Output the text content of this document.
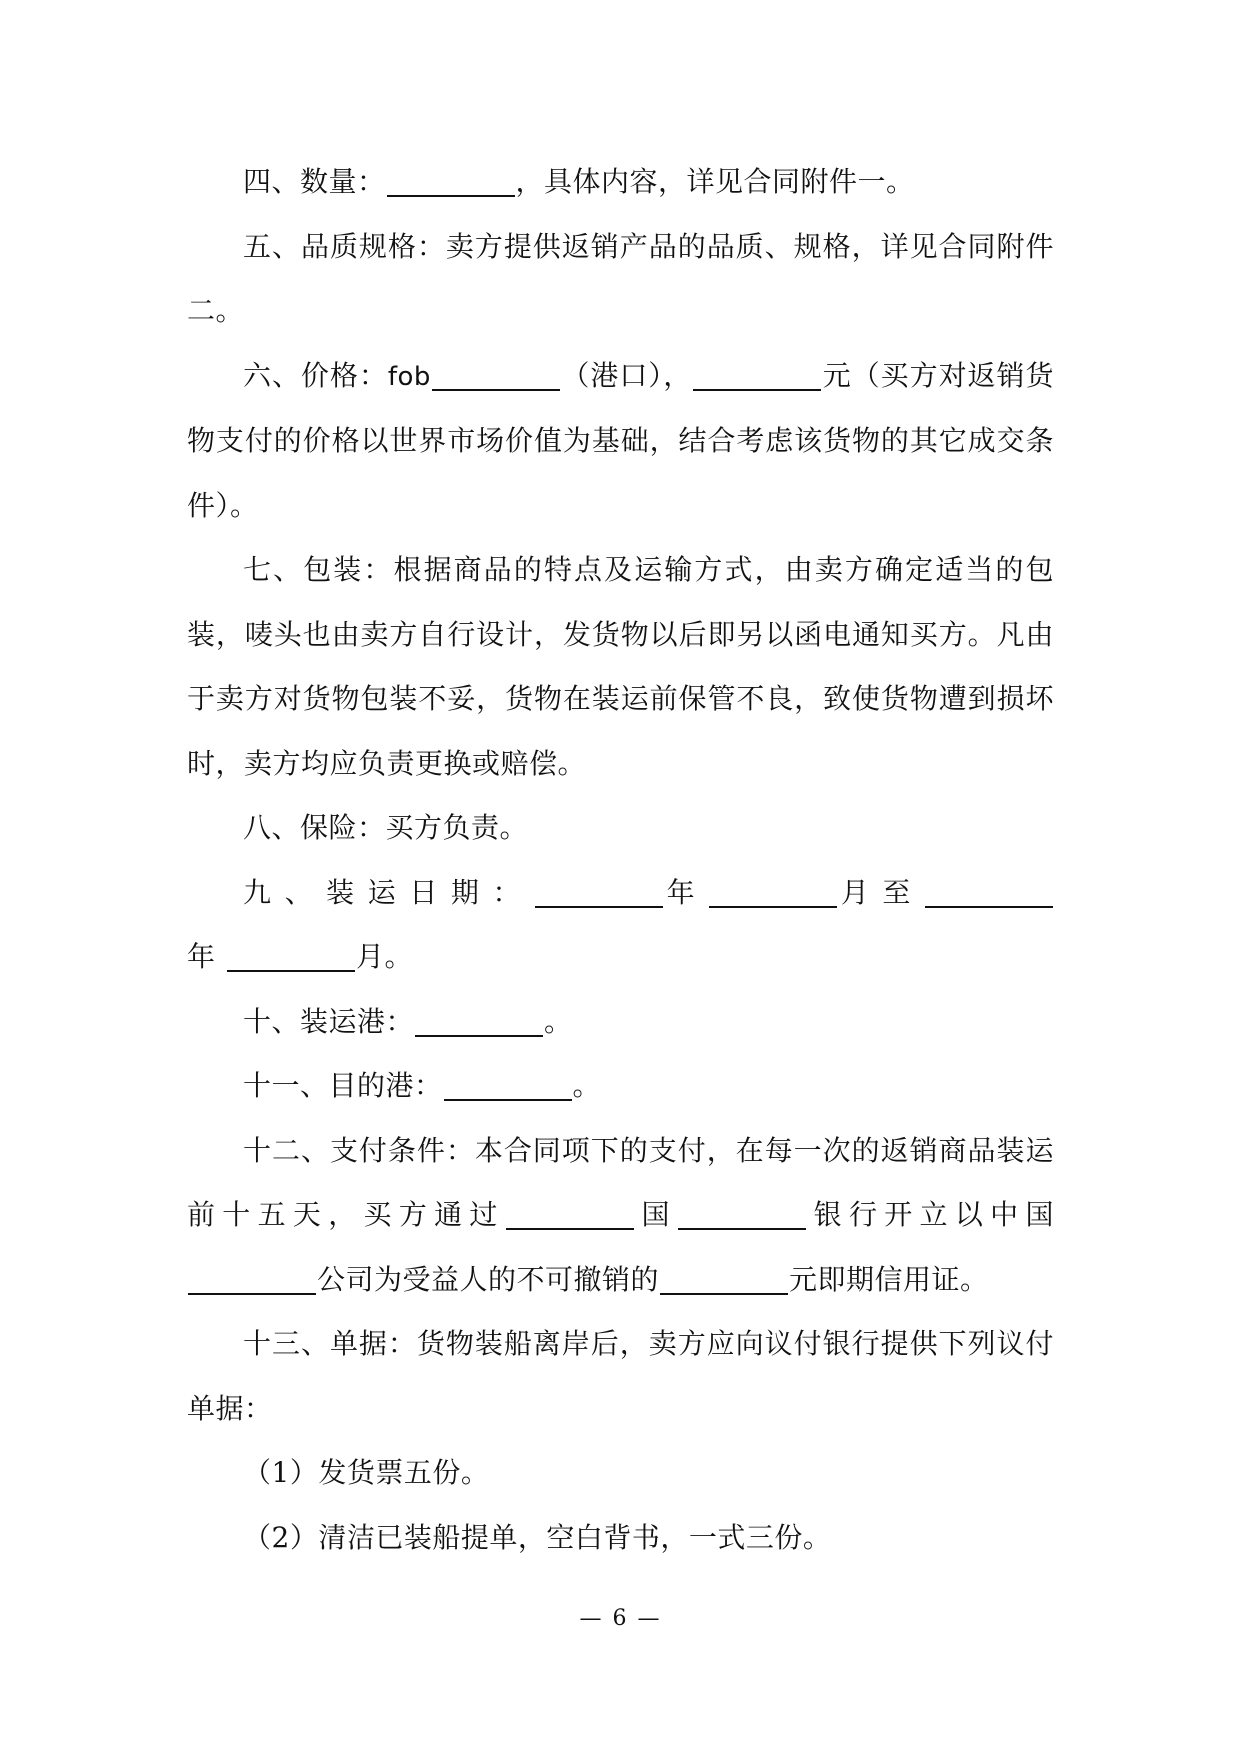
四、数量：	，具体内容，详见合同附件一。

五、品质规格：卖方提供返销产品的品质、规格，详见合同附件二。

六、价格：fob	（港口），	元（买方对返销货物支付的价格以世界市场价值为基础，结合考虑该货物的其它成交条件）。

七、包装：根据商品的特点及运输方式，由卖方确定适当的包装，唛头也由卖方自行设计，发货物以后即另以函电通知买方。凡由于卖方对货物包装不妥，货物在装运前保管不良，致使货物遭到损坏时，卖方均应负责更换或赔偿。

八、保险：买方负责。

九、装运日期：	年	月至年	月。

十、装运港：	。

十一、目的港：	。

十二、支付条件：本合同项下的支付，在每一次的返销商品装运前十五天，买方通过	国	银行开立以中国公司为受益人的不可撤销的	元即期信用证。

十三、单据：货物装船离岸后，卖方应向议付银行提供下列议付单据：

（1）发货票五份。

（2）清洁已装船提单，空白背书，一式三份。

— 6 —
